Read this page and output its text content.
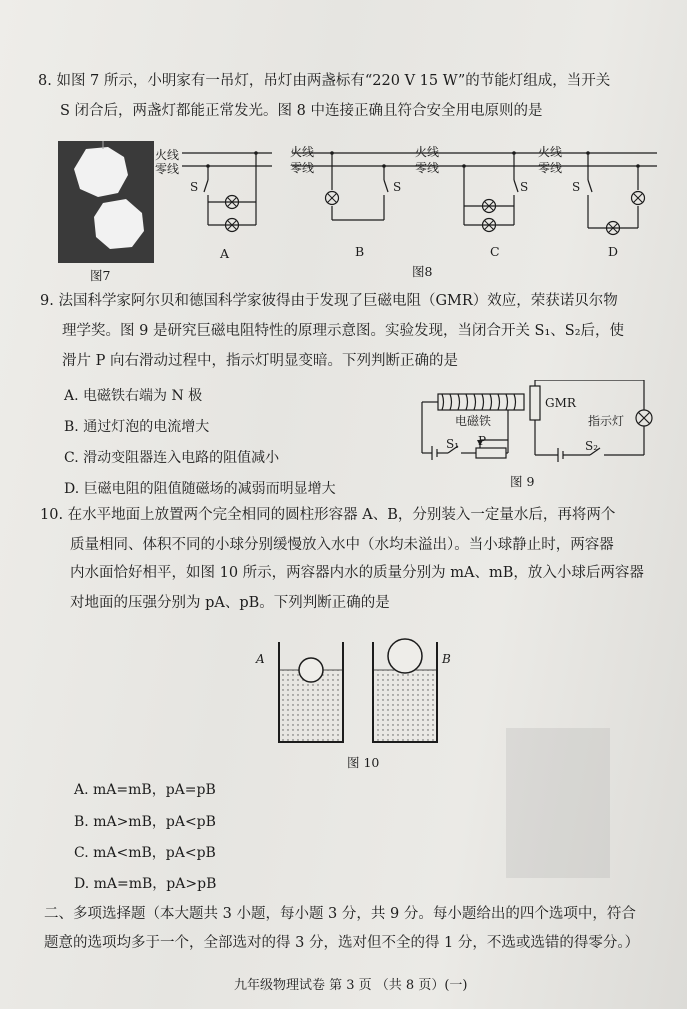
8. 如图 7 所示，小明家有一吊灯，吊灯由两盏标有“220 V 15 W”的节能灯组成，当开关
S 闭合后，两盏灯都能正常发光。图 8 中连接正确且符合安全用电原则的是
图7
火线
零线
火线
零线
火线
零线
火线
零线
S	S	S	S
A	B	C	D
图8
9. 法国科学家阿尔贝和德国科学家彼得由于发现了巨磁电阻（GMR）效应，荣获诺贝尔物
理学奖。图 9 是研究巨磁电阻特性的原理示意图。实验发现，当闭合开关 S₁、S₂后，使
滑片 P 向右滑动过程中，指示灯明显变暗。下列判断正确的是
A. 电磁铁右端为 N 极
B. 通过灯泡的电流增大
C. 滑动变阻器连入电路的阻值减小
D. 巨磁电阻的阻值随磁场的减弱而明显增大
电磁铁
GMR
指示灯
S₁ P	S₂
图 9
10. 在水平地面上放置两个完全相同的圆柱形容器 A、B，分别装入一定量水后，再将两个
质量相同、体积不同的小球分别缓慢放入水中（水均未溢出）。当小球静止时，两容器
内水面恰好相平，如图 10 所示，两容器内水的质量分别为 mA、mB，放入小球后两容器
对地面的压强分别为 pA、pB。下列判断正确的是
A	B
图 10
A. mA=mB，pA=pB
B. mA>mB，pA<pB
C. mA<mB，pA<pB
D. mA=mB，pA>pB
二、多项选择题（本大题共 3 小题，每小题 3 分，共 9 分。每小题给出的四个选项中，符合
题意的选项均多于一个，全部选对的得 3 分，选对但不全的得 1 分，不选或选错的得零分。）
九年级物理试卷 第 3 页 （共 8 页）(一)
